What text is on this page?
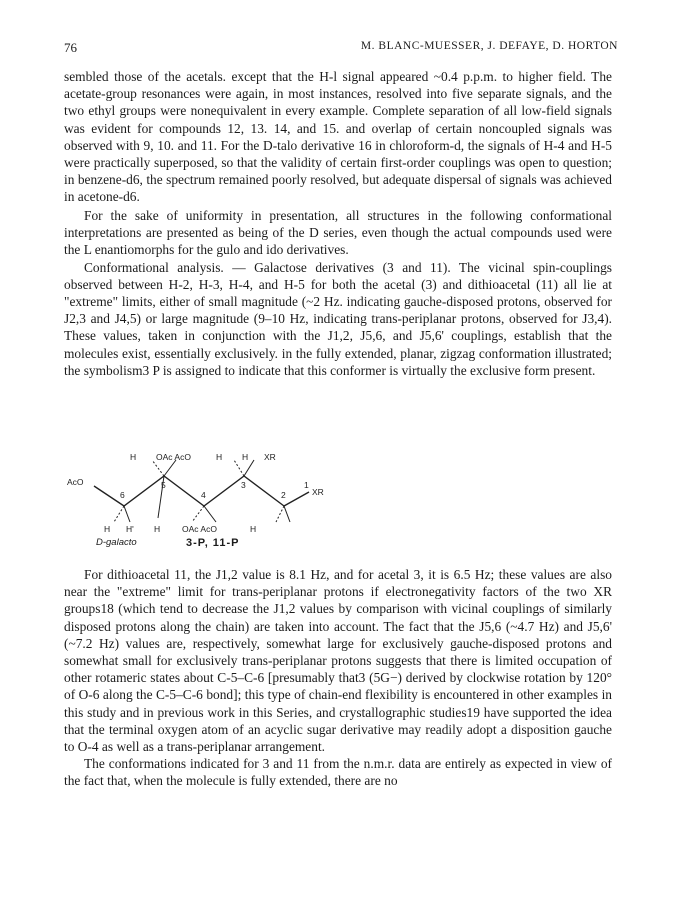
76	M. BLANC-MUESSER, J. DEFAYE, D. HORTON

sembled those of the acetals. except that the H-l signal appeared ~0.4 p.p.m. to higher field. The acetate-group resonances were again, in most instances, resolved into five separate signals, and the two ethyl groups were nonequivalent in every example. Complete separation of all low-field signals was evident for compounds 12, 13. 14, and 15. and overlap of certain noncoupled signals was observed with 9, 10. and 11. For the D-talo derivative 16 in chloroform-d, the signals of H-4 and H-5 were practically superposed, so that the validity of certain first-order couplings was open to question; in benzene-d6, the spectrum remained poorly resolved, but adequate dispersal of signals was achieved in acetone-d6.

For the sake of uniformity in presentation, all structures in the following conformational interpretations are presented as being of the D series, even though the actual compounds used were the L enantiomorphs for the gulo and ido derivatives.

Conformational analysis. — Galactose derivatives (3 and 11). The vicinal spin-couplings observed between H-2, H-3, H-4, and H-5 for both the acetal (3) and dithioacetal (11) all lie at "extreme" limits, either of small magnitude (~2 Hz. indicating gauche-disposed protons, observed for J2,3 and J4,5) or large magnitude (9–10 Hz, indicating trans-periplanar protons, observed for J3,4). These values, taken in conjunction with the J1,2, J5,6, and J5,6' couplings, establish that the molecules exist, essentially exclusively. in the fully extended, planar, zigzag conformation illustrated; the symbolism3 P is assigned to indicate that this conformer is virtually the exclusive form present.

AcO
XR
H OAc AcO	H H XR
H H' H	OAc AcO	H
6
5
4
3
2
1
D-galacto	3-P, 11-P

For dithioacetal 11, the J1,2 value is 8.1 Hz, and for acetal 3, it is 6.5 Hz; these values are also near the "extreme" limit for trans-periplanar protons if electronegativity factors of the two XR groups18 (which tend to decrease the J1,2 values by comparison with vicinal couplings of similarly disposed protons along the chain) are taken into account. The fact that the J5,6 (~4.7 Hz) and J5,6' (~7.2 Hz) values are, respectively, somewhat large for exclusively gauche-disposed protons and somewhat small for exclusively trans-periplanar protons suggests that there is limited occupation of other rotameric states about C-5–C-6 [presumably that3 (5G−) derived by clockwise rotation by 120° of O-6 along the C-5–C-6 bond]; this type of chain-end flexibility is encountered in other examples in this study and in previous work in this Series, and crystallographic studies19 have supported the idea that the terminal oxygen atom of an acyclic sugar derivative may readily adopt a disposition gauche to O-4 as well as a trans-periplanar arrangement.

The conformations indicated for 3 and 11 from the n.m.r. data are entirely as expected in view of the fact that, when the molecule is fully extended, there are no
